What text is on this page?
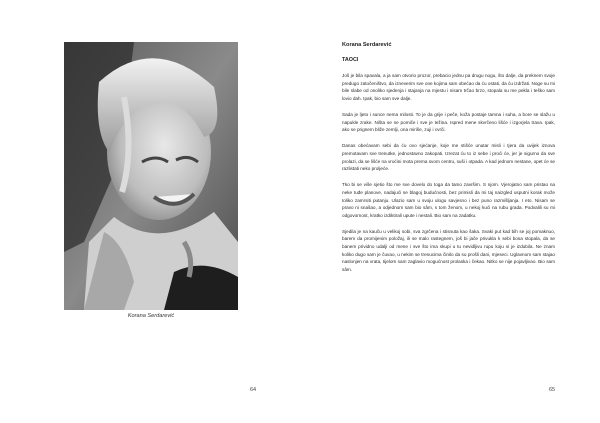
Korana Serdarević
64

Korana Serdarević

TAOCI

Još je bila spavala, a ja sam otvorio prozor, prebacio jednu pa drugu nogu, što dalje, da preknem svoje predugo zatočeništvo, da izneverim sve one kojima sam obećao da ću ostati, da ću izdržati. Noge su mi bile slabe od onoliko sjedenja i stajanja na mjestu i nisam trčao brzo, stopala su me pekla i teško sam lovio dah. Ipak, bio sam sve dalje.

Sada je ljeto i sunce nema milosti. To je da grije i peče, koža postaje tamna i suha, a bore se slažu u napukle zrake. Ništa se ne pomiče i sve je težina. Ispred mene skvrčeno lišće i izgorjela trava. Ipak, ako se prignem bliže zemlji, ona miriše, zuji i cvrči.

Danas obećavam sebi da ću ovo sjećanje, koje me stišće unutar misli i tjera da uvijek iznova premotavam sve trenutke, jednostavno zakopati. Izrezat ću to iz sebe i proći će, jer je sigurno da sve prolazi, da se lišće na vrućini mota prema svom centru, suši i otpada. A kad jednom nestane, opet će se razlistati neko proljeće.

Tko bi se više sjetio što me sve dovelo do toga da tamo završim. S njom. Vjerojatno sam pristao na neke tuđe planove, nadajući se blagoj budućnosti, bez primisli da mi taj naizgled usputni korak može toliko zamrsiti putanju. Ulazio sam u svoju ulogu savjesno i bez puno razmišljanja. I eto. Nisam se pravo ni snašao, a odjednom sam bio sâm, s tom ženom, u nekoj kući na rubu grada. Podvalili su mi odgovornost, kratko izdiktirali upute i nestali. Bio sam na zadatku.

Sjedila je na kauču u velikoj sobi, sva zgrčena i stisnuta kao šaka. Svaki put kad bih se joj pomaknuo, barem da promijenim položaj, ili se malo rastegnem, još bi jače privukla k sebi bosa stopala, da se banem prividno udalji od mene i sve što ima skupi u tu nevidljivu rupu koju si je izdubila. Ne znam koliko dugo sam je čuvao, u nekim se trenucima činilo da su prošli dani, mjeseci. Uglavnom sam stajao naslonjen na vrata, tijelom sam zaglavio mogućnost prolaska i čekao. Nitko se nije pojavljivao. Bio sam sâm.

65
